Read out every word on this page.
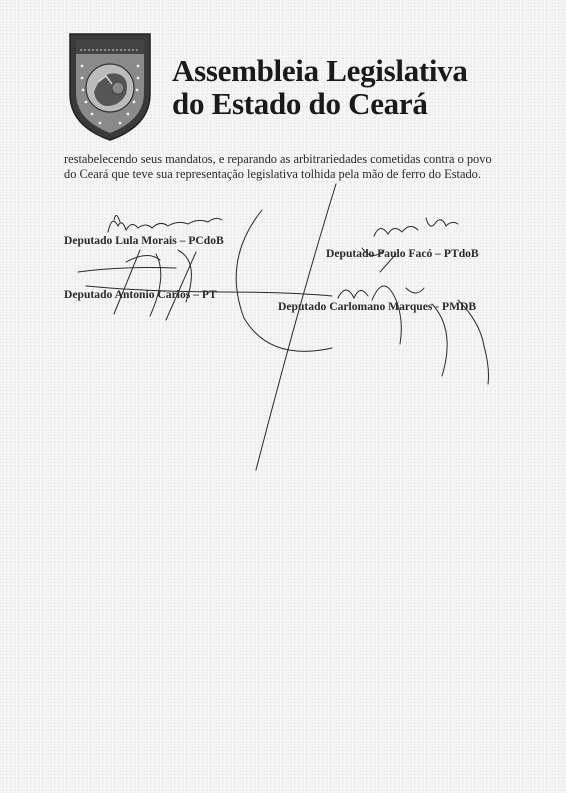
Assembleia Legislativa
do Estado do Ceará

restabelecendo seus mandatos, e reparando as arbitrariedades cometidas contra o povo

do Ceará que teve sua representação legislativa tolhida pela mão de ferro do Estado.

Deputado Lula Morais – PCdoB
Deputado Paulo Facó – PTdoB
Deputado Antonio Carlos – PT
Deputado Carlomano Marques - PMDB
